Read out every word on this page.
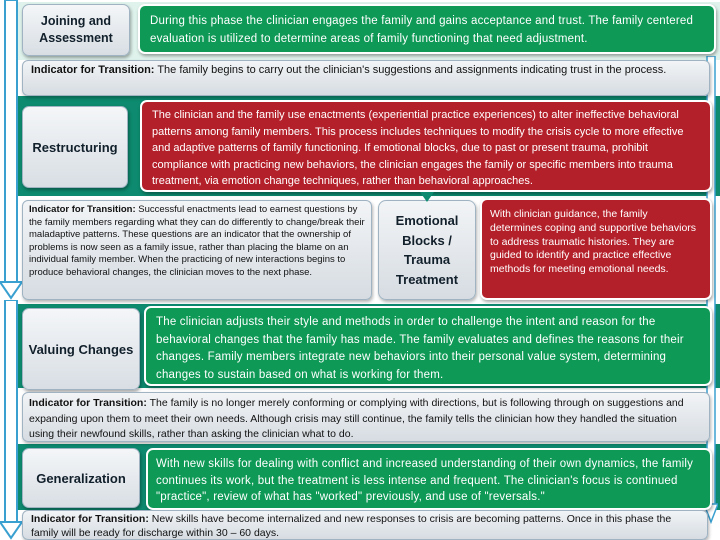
Joining and Assessment
During this phase the clinician engages the family and gains acceptance and trust. The family centered evaluation is utilized to determine areas of family functioning that need adjustment.
Indicator for Transition: The family begins to carry out the clinician's suggestions and assignments indicating trust in the process.
Restructuring
The clinician and the family use enactments (experiential practice experiences) to alter ineffective behavioral patterns among family members. This process includes techniques to modify the crisis cycle to more effective and adaptive patterns of family functioning. If emotional blocks, due to past or present trauma, prohibit compliance with practicing new behaviors, the clinician engages the family or specific members into trauma treatment, via emotion change techniques, rather than behavioral approaches.
Indicator for Transition: Successful enactments lead to earnest questions by the family members regarding what they can do differently to change/break their maladaptive patterns. These questions are an indicator that the ownership of problems is now seen as a family issue, rather than placing the blame on an individual family member. When the practicing of new interactions begins to produce behavioral changes, the clinician moves to the next phase.
Emotional Blocks / Trauma Treatment
With clinician guidance, the family determines coping and supportive behaviors to address traumatic histories. They are guided to identify and practice effective methods for meeting emotional needs.
Valuing Changes
The clinician adjusts their style and methods in order to challenge the intent and reason for the behavioral changes that the family has made. The family evaluates and defines the reasons for their changes. Family members integrate new behaviors into their personal value system, determining changes to sustain based on what is working for them.
Indicator for Transition: The family is no longer merely conforming or complying with directions, but is following through on suggestions and expanding upon them to meet their own needs. Although crisis may still continue, the family tells the clinician how they handled the situation using their newfound skills, rather than asking the clinician what to do.
Generalization
With new skills for dealing with conflict and increased understanding of their own dynamics, the family continues its work, but the treatment is less intense and frequent. The clinician's focus is continued "practice", review of what has "worked" previously, and use of "reversals."
Indicator for Transition: New skills have become internalized and new responses to crisis are becoming patterns. Once in this phase the family will be ready for discharge within 30 – 60 days.
